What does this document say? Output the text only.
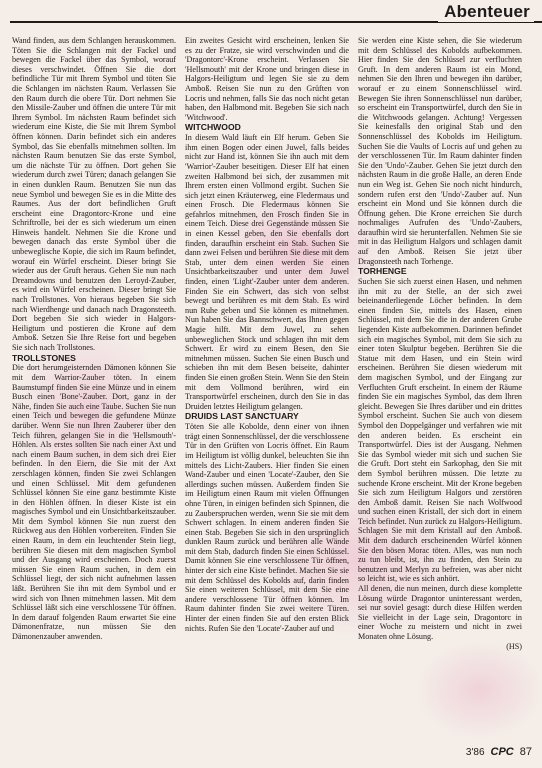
Abenteuer

Wand finden, aus dem Schlangen herauskommen. Töten Sie die Schlangen mit der Fackel und bewegen die Fackel über das Symbol, worauf dieses verschwindet. Öffnen Sie die dort befindliche Tür mit Ihrem Symbol und töten Sie die Schlangen im nächsten Raum. Verlassen Sie den Raum durch die obere Tür. Dort nehmen Sie den Missile-Zauber und öffnen die untere Tür mit Ihrem Symbol. Im nächsten Raum befindet sich wiederum eine Kiste, die Sie mit Ihrem Symbol öffnen können. Darin befindet sich ein anderes Symbol, das Sie ebenfalls mitnehmen sollten. Im nächsten Raum benutzen Sie das erste Symbol, um die nächste Tür zu öffnen. Dort gehen Sie wiederum durch zwei Türen; danach gelangen Sie in einen dunklen Raum. Benutzen Sie nun das neue Symbol und bewegen Sie es in die Mitte des Raumes. Aus der dort befindlichen Gruft erscheint eine Dragontorc-Krone und eine Schriftrolle, bei der es sich wiederum um einen Hinweis handelt. Nehmen Sie die Krone und bewegen danach das erste Symbol über die unbeweglische Kopie, die sich im Raum befindet, worauf ein Würfel erscheint. Dieser bringt Sie wieder aus der Gruft heraus. Gehen Sie nun nach Dreamdowns und benutzen den Leroyd-Zauber, es wird ein Würfel erscheinen. Dieser bringt Sie nach Trollstones. Von hieraus begeben Sie sich nach Wierdhenge und danach nach Dragonsteeth. Dort begeben Sie sich wieder in Halgors-Heiligtum und postieren die Krone auf dem Amboß. Setzen Sie Ihre Reise fort und begeben Sie sich nach Trollstones.

TROLLSTONES

Die dort herumgeisternden Dämonen können Sie mit dem Warrior-Zauber töten. In einem Baumstumpf finden Sie eine Münze und in einem Busch einen 'Bone'-Zauber. Dort, ganz in der Nähe, finden Sie auch eine Taube. Suchen Sie nun einen Teich und bewegen die gefundene Münze darüber. Wenn Sie nun Ihren Zauberer über den Teich führen, gelangen Sie in die 'Hellsmouth'-Höhlen. Als erstes sollten Sie nach einer Axt und nach einem Baum suchen, in dem sich drei Eier befinden. In den Eiern, die Sie mit der Axt zerschlagen können, finden Sie zwei Schlangen und einen Schlüssel. Mit dem gefundenen Schlüssel können Sie eine ganz bestimmte Kiste in den Höhlen öffnen. In dieser Kiste ist ein magisches Symbol und ein Unsichtbarkeitszauber. Mit dem Symbol können Sie nun zuerst den Rückweg aus den Höhlen vorbereiten. Finden Sie einen Raum, in dem ein leuchtender Stein liegt, berühren Sie diesen mit dem magischen Symbol und der Ausgang wird erscheinen. Doch zuerst müssen Sie einen Raum suchen, in dem ein Schlüssel liegt, der sich nicht aufnehmen lassen läßt. Berühren Sie ihn mit dem Symbol und er wird sich von Ihnen mitnehmen lassen. Mit dem Schlüssel läßt sich eine verschlossene Tür öffnen. In dem darauf folgenden Raum erwartet Sie eine Dämonenfratze, nun müssen Sie den Dämonenzauber anwenden.

Ein zweites Gesicht wird erscheinen, lenken Sie es zu der Fratze, sie wird verschwinden und die 'Dragontorc'-Krone erscheint. Verlassen Sie 'Hellsmouth' mit der Krone und bringen diese in Halgors-Heiligtum und legen Sie sie zu dem Amboß. Reisen Sie nun zu den Grüften von Locris und nehmen, falls Sie das noch nicht getan haben, den Halbmond mit. Begeben Sie sich nach 'Witchwood'.

WITCHWOOD

In diesem Wald läuft ein Elf herum. Geben Sie ihm einen Bogen oder einen Juwel, falls beides nicht zur Hand ist, können Sie ihn auch mit dem 'Warrior'-Zauber beseitigen. Dieser Elf hat einen zweiten Halbmond bei sich, der zusammen mit Ihrem ersten einen Vollmond ergibt. Suchen Sie sich jetzt einen Kräuterweg, eine Fledermaus und einen Frosch. Die Fledermaus können Sie gefahrlos mitnehmen, den Frosch finden Sie in einem Teich. Diese drei Gegenstände müssen Sie in einen Kessel geben, den Sie ebenfalls dort finden, daraufhin erscheint ein Stab. Suchen Sie dann zwei Felsen und berühren Sie diese mit dem Stab, unter dem einen werden Sie einen Unsichtbarkeitszauber und unter dem Juwel finden, einen 'Light'-Zauber unter dem anderen. Finden Sie ein Schwert, das sich von selbst bewegt und berühren es mit dem Stab. Es wird nun Ruhe geben und Sie können es mitnehmen. Nun haben Sie das Bannschwert, das Ihnen gegen Magie hilft. Mit dem Juwel, zu sehen unbeweglichen Stock und schlagen ihn mit dem Schwert. Er wird zu einem Besen, den Sie mitnehmen müssen. Suchen Sie einen Busch und schieben ihn mit dem Besen beiseite, dahinter finden Sie einen großen Stein. Wenn Sie den Stein mit dem Vollmond berühren, wird ein Transportwürfel erscheinen, durch den Sie in das Druiden letztes Heiligtum gelangen.

DRUIDS LAST SANCTUARY

Töten Sie alle Kobolde, denn einer von ihnen trägt einen Sonnenschlüssel, der die verschlossene Tür in den Grüften von Locris öffnet. Ein Raum im Heiligtum ist völlig dunkel, beleuchten Sie ihn mittels des Licht-Zaubers. Hier finden Sie einen Wand-Zauber und einen 'Locate'-Zauber, den Sie allerdings suchen müssen. Außerdem finden Sie im Heiligtum einen Raum mit vielen Öffnungen ohne Türen, in einigen befinden sich Spinnen, die zu Zauberspruchen werden, wenn Sie sie mit dem Schwert schlagen. In einem anderen finden Sie einen Stab. Begeben Sie sich in den ursprünglich dunklen Raum zurück und berühren alle Wände mit dem Stab, dadurch finden Sie einen Schlüssel. Damit können Sie eine verschlossene Tür öffnen, hinter der sich eine Kiste befindet. Machen Sie sie mit dem Schlüssel des Kobolds auf, darin finden Sie einen weiteren Schlüssel, mit dem Sie eine andere verschlossene Tür öffnen können. Im Raum dahinter finden Sie zwei weitere Türen. Hinter der einen finden Sie auf den ersten Blick nichts. Rufen Sie den 'Locate'-Zauber auf und

Sie werden eine Kiste sehen, die Sie wiederum mit dem Schlüssel des Kobolds aufbekommen. Hier finden Sie den Schlüssel zur verfluchten Gruft. In dem anderen Raum ist ein Mond, nehmen Sie den Ihren und bewegen ihn darüber, worauf er zu einem Sonnenschlüssel wird. Bewegen Sie ihren Sonnenschlüssel nun darüber, so erscheint ein Transportwürfel, durch den Sie in die Witchwoods gelangen. Achtung! Vergessen Sie keinesfalls den original Stab und den Sonnenschlüssel des Kobolds im Heiligtum. Suchen Sie die Vaults of Locris auf und gehen zu der verschlossenen Tür. Im Raum dahinter finden Sie den 'Undo'-Zauber. Gehen Sie jetzt durch den nächsten Raum in die große Halle, an deren Ende nun ein Weg ist. Gehen Sie noch nicht hindurch, sondern rufen erst den 'Undo'-Zauber auf. Nun erscheint ein Mond und Sie können durch die Öffnung gehen. Die Krone erreichen Sie durch nochmaliges Aufrufen des 'Undo'-Zaubers, daraufhin wird sie herunterfallen. Nehmen Sie sie mit in das Heiligtum Halgors und schlagen damit auf den Amboß. Reisen Sie jetzt über Dragonsteeth nach Torhenge.

TORHENGE

Suchen Sie sich zuerst einen Hasen, und nehmen ihn mit zu der Stelle, an der sich zwei beieinanderliegende Löcher befinden. In dem einen finden Sie, mittels des Hasen, einen Schlüssel, mit dem Sie die in der anderen Grube liegenden Kiste aufbekommen. Darinnen befindet sich ein magisches Symbol, mit dem Sie sich zu einer toten Skulptur begeben. Berühren Sie die Statue mit dem Hasen, und ein Stein wird erscheinen. Berühren Sie diesen wiederum mit dem magischen Symbol, und der Eingang zur Verfluchten Gruft erscheint. In einem der Räume finden Sie ein magisches Symbol, das dem Ihren gleicht. Bewegen Sie Ihres darüber und ein drittes Symbol erscheint. Suchen Sie auch von diesem Symbol den Doppelgänger und verfahren wie mit den anderen beiden. Es erscheint ein Transportwürfel. Dies ist der Ausgang. Nehmen Sie das Symbol wieder mit sich und suchen Sie die Gruft. Dort steht ein Sarkophag, den Sie mit dem Symbol berühren müssen. Die letzte zu suchende Krone erscheint. Mit der Krone begeben Sie sich zum Heiligtum Halgors und zerstören den Amboß damit. Reisen Sie nach Wolfwood und suchen einen Kristall, der sich dort in einem Teich befindet. Nun zurück zu Halgors-Heiligtum. Schlagen Sie mit dem Kristall auf den Amboß. Mit dem dadurch erscheinenden Würfel können Sie den bösen Morac töten. Alles, was nun noch zu tun bleibt, ist, ihn zu finden, den Stein zu benutzen und Merlyn zu befreien, was aber nicht so leicht ist, wie es sich anhört.

All denen, die nun meinen, durch diese komplette Lösung würde Dragontor uninteressant werden, sei nur soviel gesagt: durch diese Hilfen werden Sie vielleicht in der Lage sein, Dragontorc in einer Woche zu meistern und nicht in zwei Monaten ohne Lösung.

(HS)

3'86 CPC 87
